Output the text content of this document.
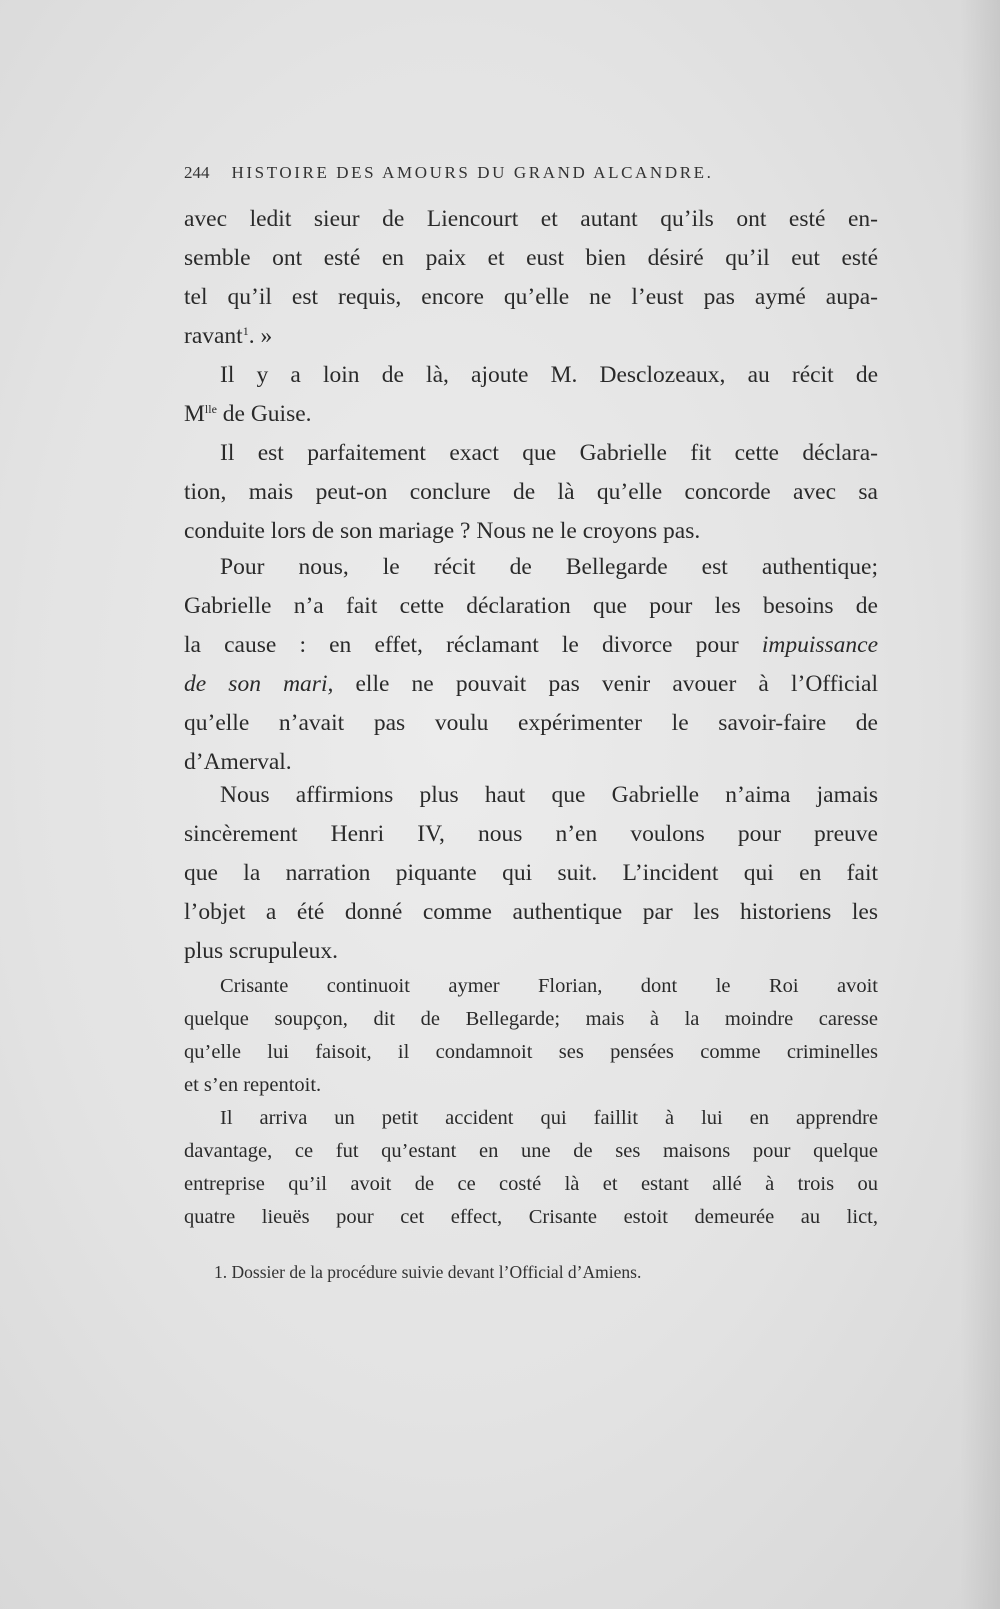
244 HISTOIRE DES AMOURS DU GRAND ALCANDRE.
avec ledit sieur de Liencourt et autant qu’ils ont esté en-
semble ont esté en paix et eust bien désiré qu’il eut esté
tel qu’il est requis, encore qu’elle ne l’eust pas aymé aupa-
ravant$^1$. »
Il y a loin de là, ajoute M. Desclozeaux, au récit de
$M^{lle}$ de Guise.
Il est parfaitement exact que Gabrielle fit cette déclara-
tion, mais peut-on conclure de là qu’elle concorde avec sa
conduite lors de son mariage ? Nous ne le croyons pas.
Pour nous, le récit de Bellegarde est authentique;
Gabrielle n’a fait cette déclaration que pour les besoins de
la cause : en effet, réclamant le divorce pour impuissance
de son mari, elle ne pouvait pas venir avouer à l’Official
qu’elle n’avait pas voulu expérimenter le savoir-faire de
d’Amerval.
Nous affirmions plus haut que Gabrielle n’aima jamais
sincèrement Henri IV, nous n’en voulons pour preuve
que la narration piquante qui suit. L’incident qui en fait
l’objet a été donné comme authentique par les historiens les
plus scrupuleux.
Crisante continuoit aymer Florian, dont le Roi avoit
quelque soupçon, dit de Bellegarde; mais à la moindre caresse
qu’elle lui faisoit, il condamnoit ses pensées comme criminelles
et s’en repentoit.
Il arriva un petit accident qui faillit à lui en apprendre
davantage, ce fut qu’estant en une de ses maisons pour quelque
entreprise qu’il avoit de ce costé là et estant allé à trois ou
quatre lieuës pour cet effect, Crisante estoit demeurée au lict,
1. Dossier de la procédure suivie devant l’Official d’Amiens.
